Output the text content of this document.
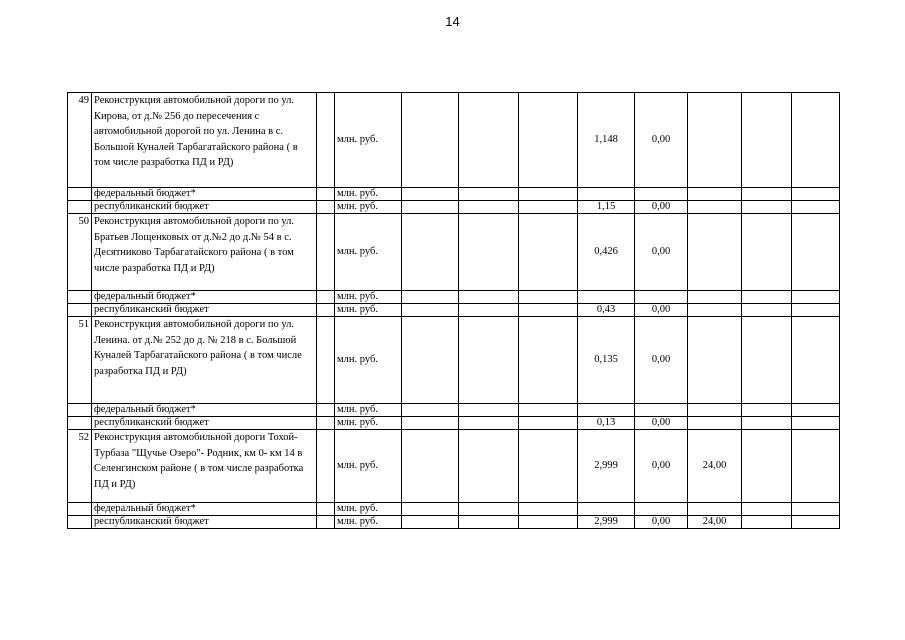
14
49	Реконструкция автомобильной дороги по ул. Кирова, от д.№ 256 до пересечения с автомобильной дорогой по ул. Ленина в с. Большой Куналей Тарбагатайского района ( в том числе разработка ПД и РД)		млн. руб.				1,148	0,00			
	федеральный бюджет*		млн. руб.								
	республиканский бюджет		млн. руб.				1,15	0,00			
50	Реконструкция автомобильной дороги по ул. Братьев Лощенковых от д.№2 до д.№ 54 в с. Десятниково Тарбагатайского района ( в том числе разработка ПД и РД)		млн. руб.				0,426	0,00			
	федеральный бюджет*		млн. руб.								
	республиканский бюджет		млн. руб.				0,43	0,00			
51	Реконструкция автомобильной дороги по ул. Ленина. от д.№ 252 до д. № 218 в с. Большой Куналей Тарбагатайского района ( в том числе разработка ПД и РД)		млн. руб.				0,135	0,00			
	федеральный бюджет*		млн. руб.								
	республиканский бюджет		млн. руб.				0,13	0,00			
52	Реконструкция автомобильной дороги Тохой- Турбаза "Щучье Озеро"- Родник, км 0- км 14 в Селенгинском районе ( в том числе разработка ПД и РД)		млн. руб.				2,999	0,00	24,00		
	федеральный бюджет*		млн. руб.								
	республиканский бюджет		млн. руб.				2,999	0,00	24,00		
